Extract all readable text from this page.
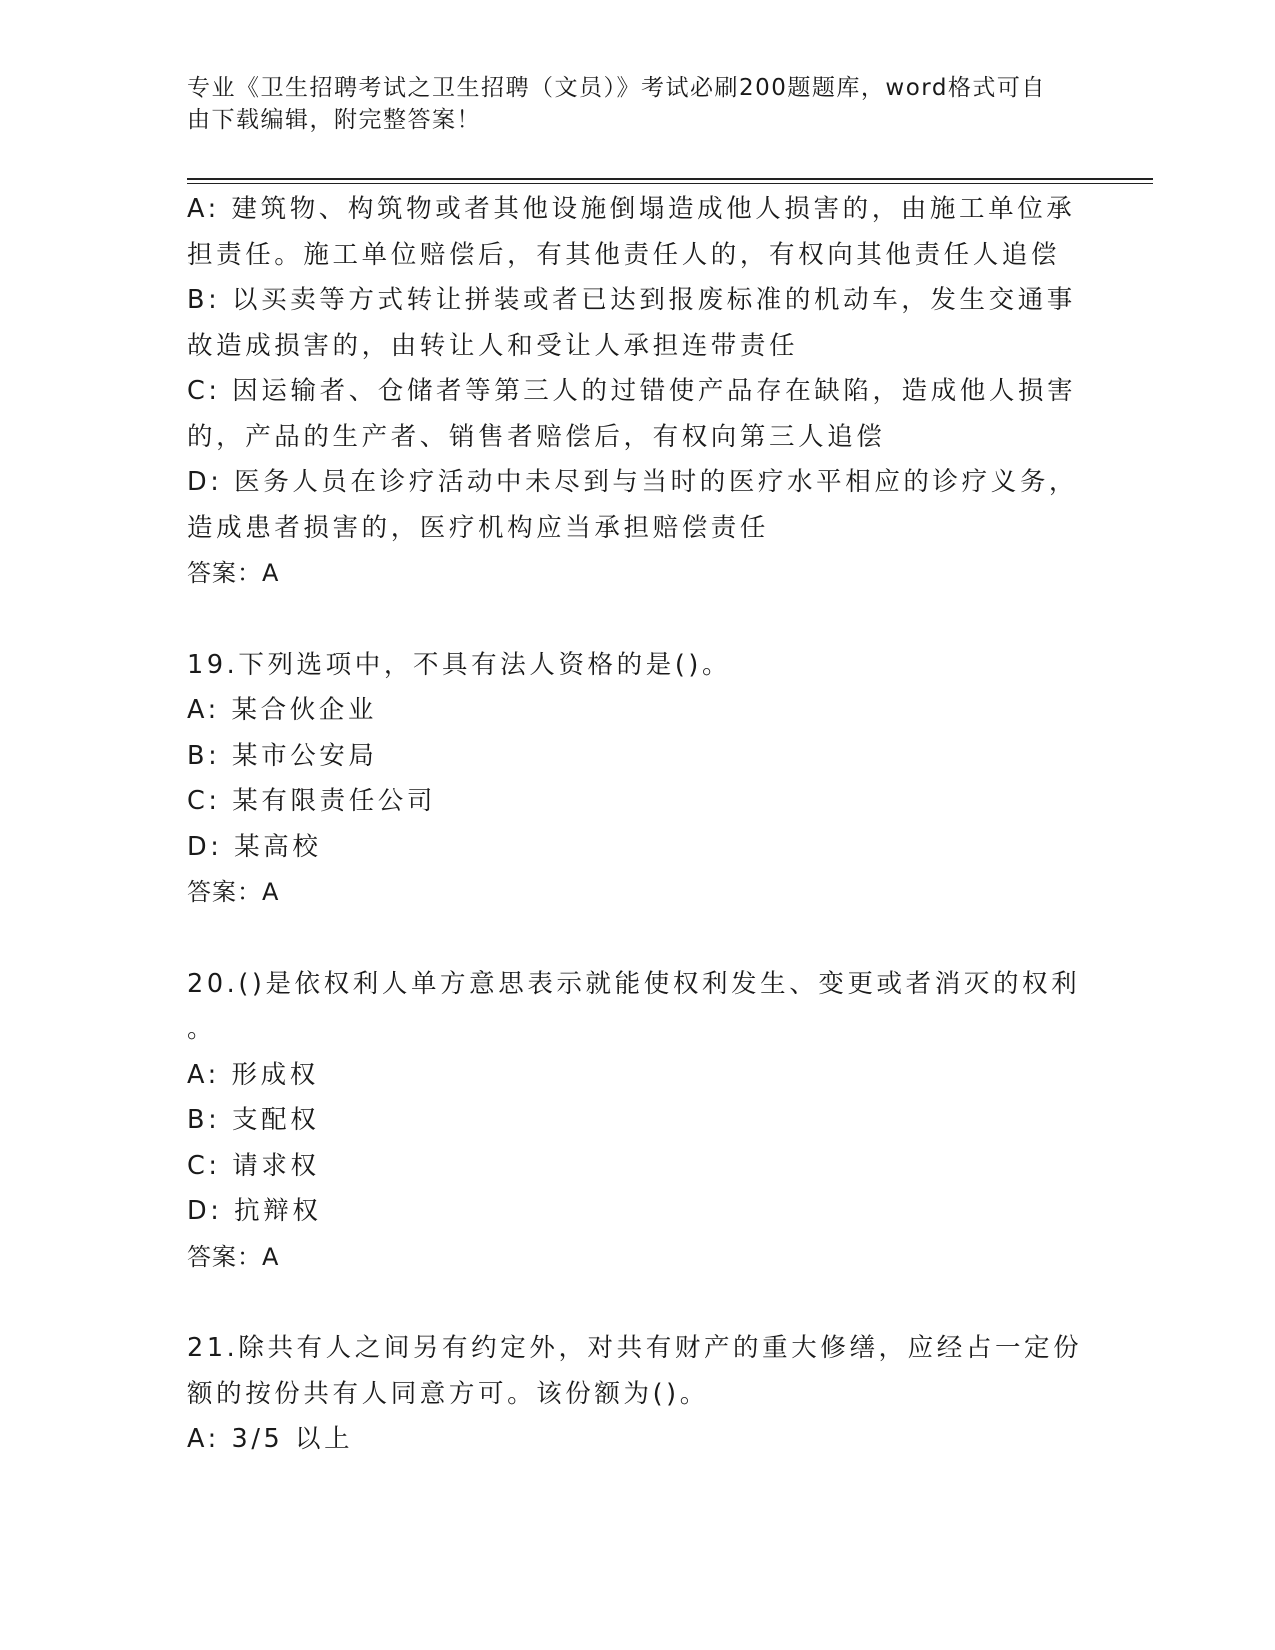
专业《卫生招聘考试之卫生招聘（文员）》考试必刷200题题库，word格式可自
由下载编辑，附完整答案！
A: 建筑物、构筑物或者其他设施倒塌造成他人损害的，由施工单位承
担责任。施工单位赔偿后，有其他责任人的，有权向其他责任人追偿
B: 以买卖等方式转让拼装或者已达到报废标准的机动车，发生交通事
故造成损害的，由转让人和受让人承担连带责任
C: 因运输者、仓储者等第三人的过错使产品存在缺陷，造成他人损害
的，产品的生产者、销售者赔偿后，有权向第三人追偿
D: 医务人员在诊疗活动中未尽到与当时的医疗水平相应的诊疗义务，
造成患者损害的，医疗机构应当承担赔偿责任
答案：A
19.下列选项中，不具有法人资格的是()。
A: 某合伙企业
B: 某市公安局
C: 某有限责任公司
D: 某高校
答案：A
20.()是依权利人单方意思表示就能使权利发生、变更或者消灭的权利
。
A: 形成权
B: 支配权
C: 请求权
D: 抗辩权
答案：A
21.除共有人之间另有约定外，对共有财产的重大修缮，应经占一定份
额的按份共有人同意方可。该份额为()。
A: 3/5 以上
